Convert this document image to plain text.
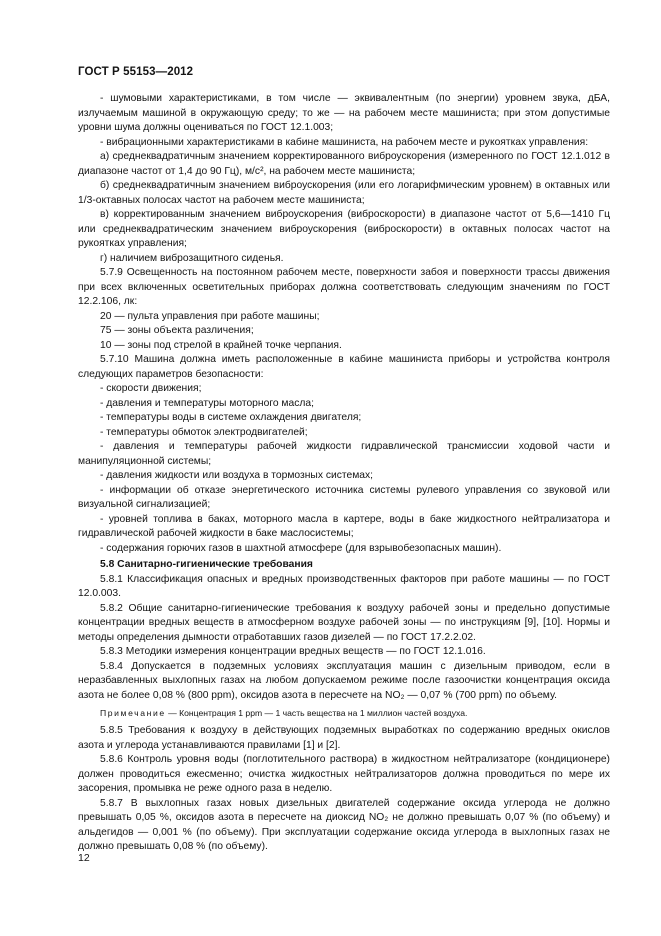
ГОСТ Р 55153—2012

- шумовыми характеристиками, в том числе — эквивалентным (по энергии) уровнем звука, дБА, излучаемым машиной в окружающую среду; то же — на рабочем месте машиниста; при этом допустимые уровни шума должны оцениваться по ГОСТ 12.1.003;

- вибрационными характеристиками в кабине машиниста, на рабочем месте и рукоятках управления:

а) среднеквадратичным значением корректированного виброускорения (измеренного по ГОСТ 12.1.012 в диапазоне частот от 1,4 до 90 Гц), м/с², на рабочем месте машиниста;

б) среднеквадратичным значением виброускорения (или его логарифмическим уровнем) в октавных или 1/3-октавных полосах частот на рабочем месте машиниста;

в) корректированным значением виброускорения (виброскорости) в диапазоне частот от 5,6—1410 Гц или среднеквадратическим значением виброускорения (виброскорости) в октавных полосах частот на рукоятках управления;

г) наличием виброзащитного сиденья.

5.7.9 Освещенность на постоянном рабочем месте, поверхности забоя и поверхности трассы движения при всех включенных осветительных приборах должна соответствовать следующим значениям по ГОСТ 12.2.106, лк:

20 — пульта управления при работе машины;

75 — зоны объекта различения;

10 — зоны под стрелой в крайней точке черпания.

5.7.10 Машина должна иметь расположенные в кабине машиниста приборы и устройства контроля следующих параметров безопасности:

- скорости движения;

- давления и температуры моторного масла;

- температуры воды в системе охлаждения двигателя;

- температуры обмоток электродвигателей;

- давления и температуры рабочей жидкости гидравлической трансмиссии ходовой части и манипуляционной системы;

- давления жидкости или воздуха в тормозных системах;

- информации об отказе энергетического источника системы рулевого управления со звуковой или визуальной сигнализацией;

- уровней топлива в баках, моторного масла в картере, воды в баке жидкостного нейтрализатора и гидравлической рабочей жидкости в баке маслосистемы;

- содержания горючих газов в шахтной атмосфере (для взрывобезопасных машин).

5.8 Санитарно-гигиенические требования

5.8.1 Классификация опасных и вредных производственных факторов при работе машины — по ГОСТ 12.0.003.

5.8.2 Общие санитарно-гигиенические требования к воздуху рабочей зоны и предельно допустимые концентрации вредных веществ в атмосферном воздухе рабочей зоны — по инструкциям [9], [10]. Нормы и методы определения дымности отработавших газов дизелей — по ГОСТ 17.2.2.02.

5.8.3 Методики измерения концентрации вредных веществ — по ГОСТ 12.1.016.

5.8.4 Допускается в подземных условиях эксплуатация машин с дизельным приводом, если в неразбавленных выхлопных газах на любом допускаемом режиме после газоочистки концентрация оксида азота не более 0,08 % (800 ppm), оксидов азота в пересчете на NO₂ — 0,07 % (700 ppm) по объему.

Примечание — Концентрация 1 ppm — 1 часть вещества на 1 миллион частей воздуха.

5.8.5 Требования к воздуху в действующих подземных выработках по содержанию вредных окислов азота и углерода устанавливаются правилами [1] и [2].

5.8.6 Контроль уровня воды (поглотительного раствора) в жидкостном нейтрализаторе (кондиционере) должен проводиться ежесменно; очистка жидкостных нейтрализаторов должна проводиться по мере их засорения, промывка не реже одного раза в неделю.

5.8.7 В выхлопных газах новых дизельных двигателей содержание оксида углерода не должно превышать 0,05 %, оксидов азота в пересчете на диоксид NO₂ не должно превышать 0,07 % (по объему) и альдегидов — 0,001 % (по объему). При эксплуатации содержание оксида углерода в выхлопных газах не должно превышать 0,08 % (по объему).

12
